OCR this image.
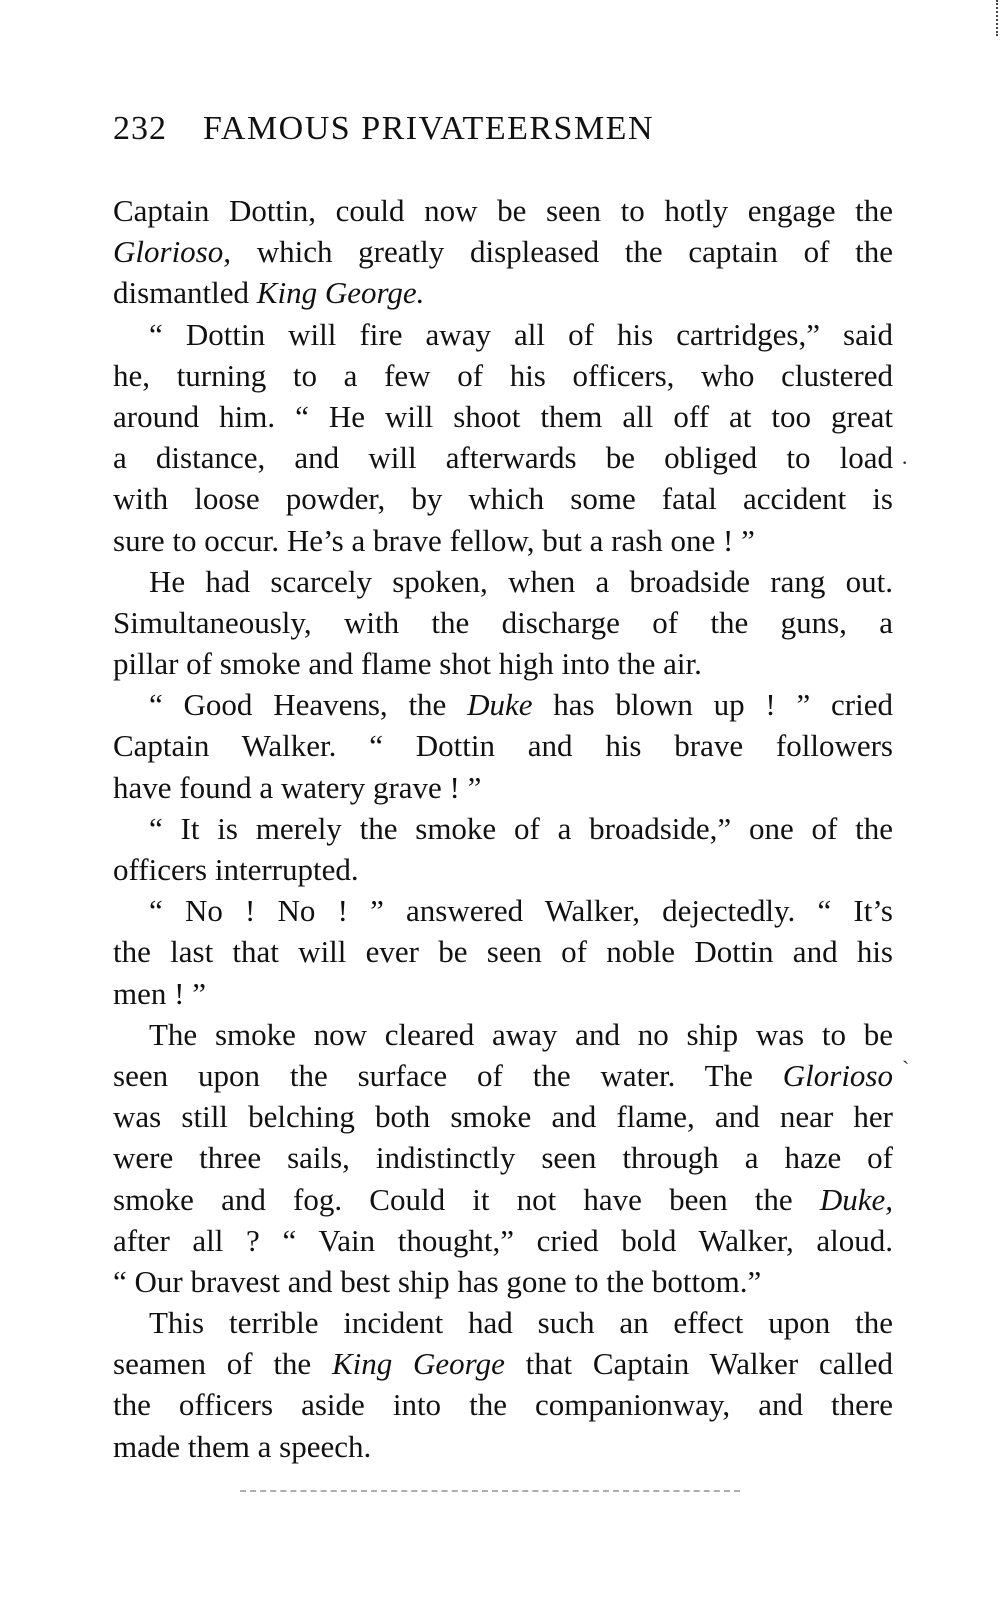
232 FAMOUS PRIVATEERSMEN
Captain Dottin, could now be seen to hotly engage the
Glorioso, which greatly displeased the captain of the
dismantled King George.
“ Dottin will fire away all of his cartridges,” said
he, turning to a few of his officers, who clustered
around him. “ He will shoot them all off at too great
a distance, and will afterwards be obliged to load
with loose powder, by which some fatal accident is
sure to occur. He’s a brave fellow, but a rash one ! ”
He had scarcely spoken, when a broadside rang out.
Simultaneously, with the discharge of the guns, a
pillar of smoke and flame shot high into the air.
“ Good Heavens, the Duke has blown up ! ” cried
Captain Walker. “ Dottin and his brave followers
have found a watery grave ! ”
“ It is merely the smoke of a broadside,” one of the
officers interrupted.
“ No ! No ! ” answered Walker, dejectedly. “ It’s
the last that will ever be seen of noble Dottin and his
men ! ”
The smoke now cleared away and no ship was to be
seen upon the surface of the water. The Glorioso
was still belching both smoke and flame, and near her
were three sails, indistinctly seen through a haze of
smoke and fog. Could it not have been the Duke,
after all ? “ Vain thought,” cried bold Walker, aloud.
“ Our bravest and best ship has gone to the bottom.”
This terrible incident had such an effect upon the
seamen of the King George that Captain Walker called
the officers aside into the companionway, and there
made them a speech.
·
`
